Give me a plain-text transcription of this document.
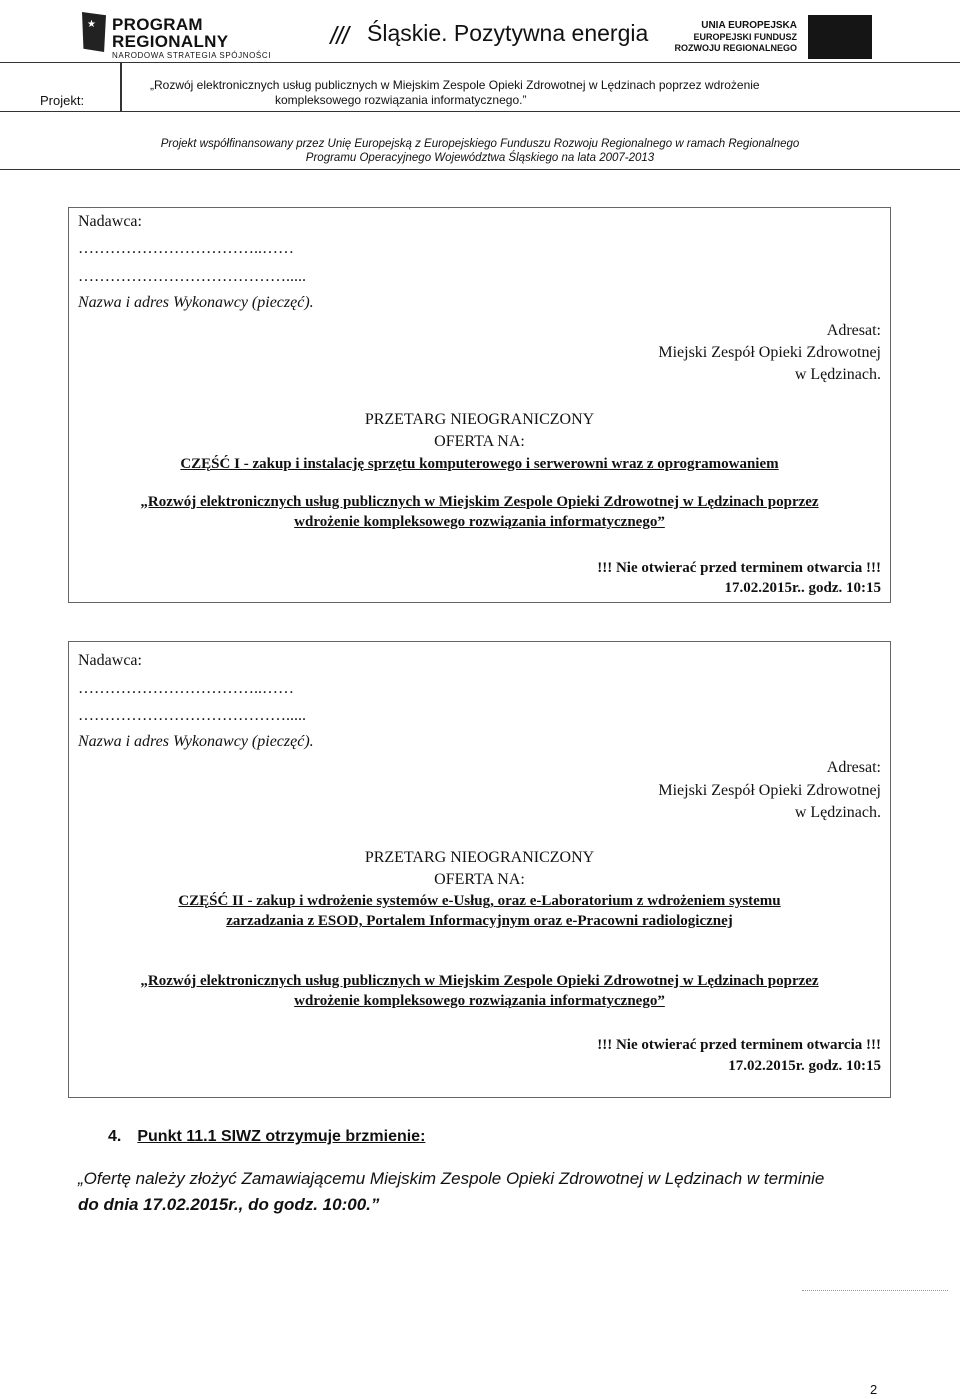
★ PROGRAM
REGIONALNY
NARODOWA STRATEGIA SPÓJNOŚCI
Śląskie. Pozytywna energia	UNIA EUROPEJSKA
EUROPEJSKI FUNDUSZ
ROZWOJU REGIONALNEGO
Projekt:
„Rozwój elektronicznych usług publicznych w Miejskim Zespole Opieki Zdrowotnej w Lędzinach poprzez wdrożenie
kompleksowego rozwiązania informatycznego.”
Projekt współfinansowany przez Unię Europejską z Europejskiego Funduszu Rozwoju Regionalnego w ramach Regionalnego
Programu Operacyjnego Województwa Śląskiego na lata 2007-2013
Nadawca:
……………………………..……
………………………………….....
Nazwa i adres Wykonawcy (pieczęć).
Adresat:
Miejski Zespół Opieki Zdrowotnej
w Lędzinach.
PRZETARG NIEOGRANICZONY
OFERTA NA:
CZĘŚĆ I - zakup i instalację sprzętu komputerowego i serwerowni wraz z oprogramowaniem
„Rozwój elektronicznych usług publicznych w Miejskim Zespole Opieki Zdrowotnej w Lędzinach poprzez
wdrożenie kompleksowego rozwiązania informatycznego”
!!! Nie otwierać przed terminem otwarcia !!!
17.02.2015r.. godz. 10:15
Nadawca:
……………………………..……
………………………………….....
Nazwa i adres Wykonawcy (pieczęć).
Adresat:
Miejski Zespół Opieki Zdrowotnej
w Lędzinach.
PRZETARG NIEOGRANICZONY
OFERTA NA:
CZĘŚĆ II - zakup i wdrożenie systemów e-Usług, oraz e-Laboratorium z wdrożeniem systemu
zarzadzania z ESOD, Portalem Informacyjnym oraz e-Pracowni radiologicznej
„Rozwój elektronicznych usług publicznych w Miejskim Zespole Opieki Zdrowotnej w Lędzinach poprzez
wdrożenie kompleksowego rozwiązania informatycznego”
!!! Nie otwierać przed terminem otwarcia !!!
17.02.2015r. godz. 10:15
4. Punkt 11.1 SIWZ otrzymuje brzmienie:
„Ofertę należy złożyć Zamawiającemu Miejskim Zespole Opieki Zdrowotnej w Lędzinach w terminie
do dnia 17.02.2015r., do godz. 10:00.”
2
